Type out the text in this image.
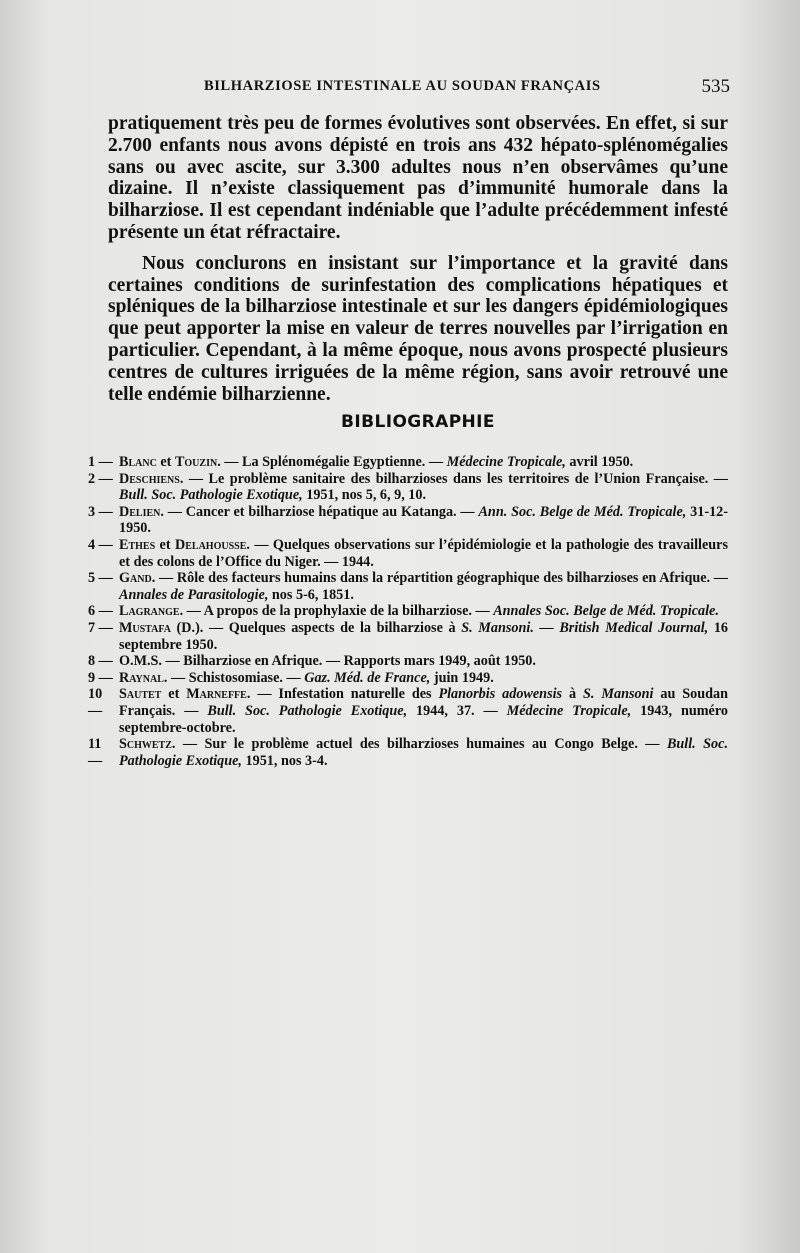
BILHARZIOSE INTESTINALE AU SOUDAN FRANÇAIS	535

pratiquement très peu de formes évolutives sont observées. En effet, si sur 2.700 enfants nous avons dépisté en trois ans 432 hépato-splénomégalies sans ou avec ascite, sur 3.300 adultes nous n’en observâmes qu’une dizaine. Il n’existe classiquement pas d’immunité humorale dans la bilharziose. Il est cependant indéniable que l’adulte précédemment infesté présente un état réfractaire.

Nous conclurons en insistant sur l’importance et la gravité dans certaines conditions de surinfestation des complications hépatiques et spléniques de la bilharziose intestinale et sur les dangers épidémiologiques que peut apporter la mise en valeur de terres nouvelles par l’irrigation en particulier. Cependant, à la même époque, nous avons prospecté plusieurs centres de cultures irriguées de la même région, sans avoir retrouvé une telle endémie bilharzienne.

BIBLIOGRAPHIE
1 — Blanc et Touzin. — La Splénomégalie Egyptienne. — Médecine Tropicale, avril 1950.
2 — Deschiens. — Le problème sanitaire des bilharzioses dans les territoires de l’Union Française. — Bull. Soc. Pathologie Exotique, 1951, nos 5, 6, 9, 10.
3 — Delien. — Cancer et bilharziose hépatique au Katanga. — Ann. Soc. Belge de Méd. Tropicale, 31-12-1950.
4 — Ethes et Delahousse. — Quelques observations sur l’épidémiologie et la pathologie des travailleurs et des colons de l’Office du Niger. — 1944.
5 — Gand. — Rôle des facteurs humains dans la répartition géographique des bilharzioses en Afrique. — Annales de Parasitologie, nos 5-6, 1851.
6 — Lagrange. — A propos de la prophylaxie de la bilharziose. — Annales Soc. Belge de Méd. Tropicale.
7 — Mustafa (D.). — Quelques aspects de la bilharziose à S. Mansoni. — British Medical Journal, 16 septembre 1950.
8 — O.M.S. — Bilharziose en Afrique. — Rapports mars 1949, août 1950.
9 — Raynal. — Schistosomiase. — Gaz. Méd. de France, juin 1949.
10 —
Sautet et Marneffe. — Infestation naturelle des Planorbis adowensis à S. Mansoni au Soudan Français. — Bull. Soc. Pathologie Exotique, 1944, 37. — Médecine Tropicale, 1943, numéro septembre-octobre.
11 —
Schwetz. — Sur le problème actuel des bilharzioses humaines au Congo Belge. — Bull. Soc. Pathologie Exotique, 1951, nos 3-4.
